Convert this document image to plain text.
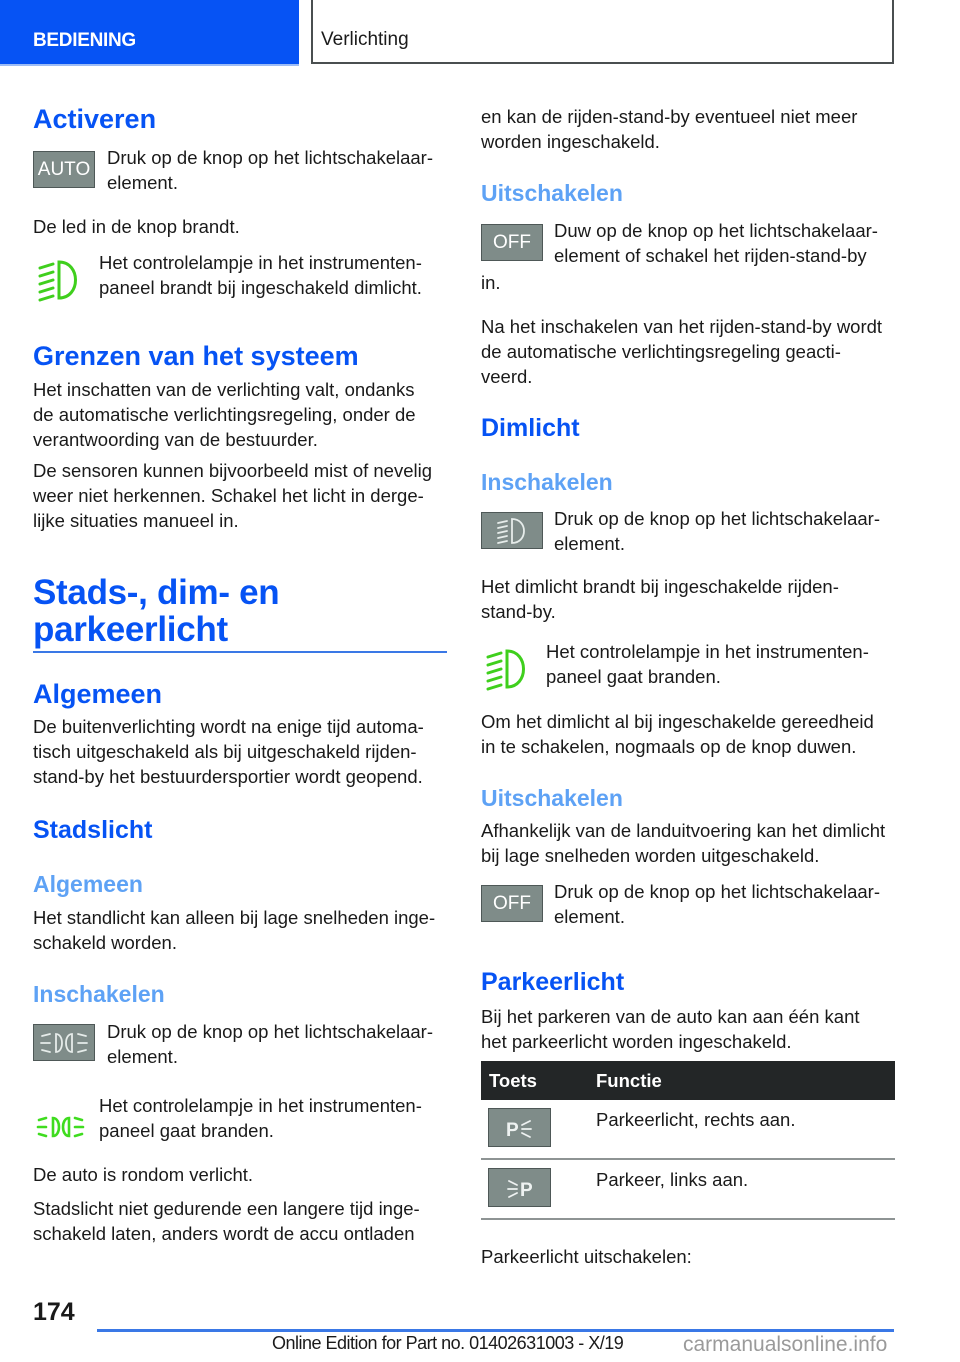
BEDIENING	Verlichting
Activeren
AUTO
Druk op de knop op het lichtschakelaar-
element.
De led in de knop brandt.
Het controlelampje in het instrumenten-
paneel brandt bij ingeschakeld dimlicht.
Grenzen van het systeem
Het inschatten van de verlichting valt, ondanks
de automatische verlichtingsregeling, onder de
verantwoording van de bestuurder.
De sensoren kunnen bijvoorbeeld mist of nevelig
weer niet herkennen. Schakel het licht in derge-
lijke situaties manueel in.
Stads-, dim- en
parkeerlicht
Algemeen
De buitenverlichting wordt na enige tijd automa-
tisch uitgeschakeld als bij uitgeschakeld rijden-
stand-by het bestuurdersportier wordt geopend.
Stadslicht
Algemeen
Het standlicht kan alleen bij lage snelheden inge-
schakeld worden.
Inschakelen
Druk op de knop op het lichtschakelaar-
element.
Het controlelampje in het instrumenten-
paneel gaat branden.
De auto is rondom verlicht.
Stadslicht niet gedurende een langere tijd inge-
schakeld laten, anders wordt de accu ontladen
en kan de rijden-stand-by eventueel niet meer
worden ingeschakeld.
Uitschakelen
OFF
Duw op de knop op het lichtschakelaar-
element of schakel het rijden-stand-by
in.
Na het inschakelen van het rijden-stand-by wordt
de automatische verlichtingsregeling geacti-
veerd.
Dimlicht
Inschakelen
Druk op de knop op het lichtschakelaar-
element.
Het dimlicht brandt bij ingeschakelde rijden-
stand-by.
Het controlelampje in het instrumenten-
paneel gaat branden.
Om het dimlicht al bij ingeschakelde gereedheid
in te schakelen, nogmaals op de knop duwen.
Uitschakelen
Afhankelijk van de landuitvoering kan het dimlicht
bij lage snelheden worden uitgeschakeld.
OFF
Druk op de knop op het lichtschakelaar-
element.
Parkeerlicht
Bij het parkeren van de auto kan aan één kant
het parkeerlicht worden ingeschakeld.
Toets	Functie
P	Parkeerlicht, rechts aan.
P	Parkeer, links aan.
Parkeerlicht uitschakelen:
174
Online Edition for Part no. 01402631003 - X/19	carmanualsonline.info
